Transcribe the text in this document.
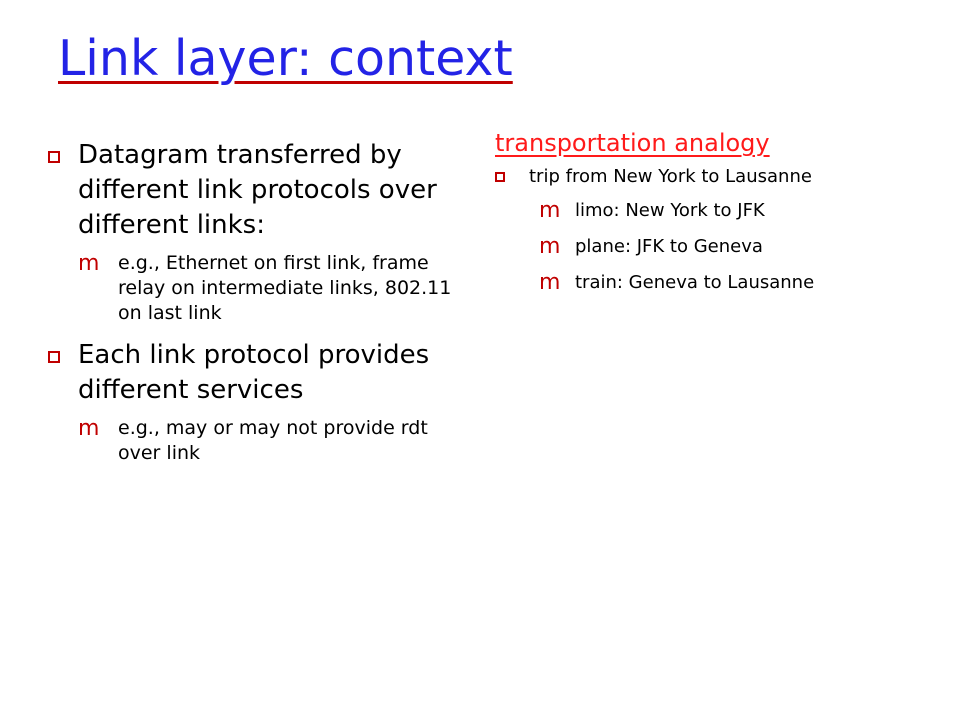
Link layer: context
Datagram transferred by different link protocols over different links:
m e.g., Ethernet on first link, frame relay on intermediate links, 802.11 on last link
Each link protocol provides different services
m e.g., may or may not provide rdt over link
transportation analogy
trip from New York to Lausanne
m limo: New York to JFK
m plane: JFK to Geneva
m train: Geneva to Lausanne
